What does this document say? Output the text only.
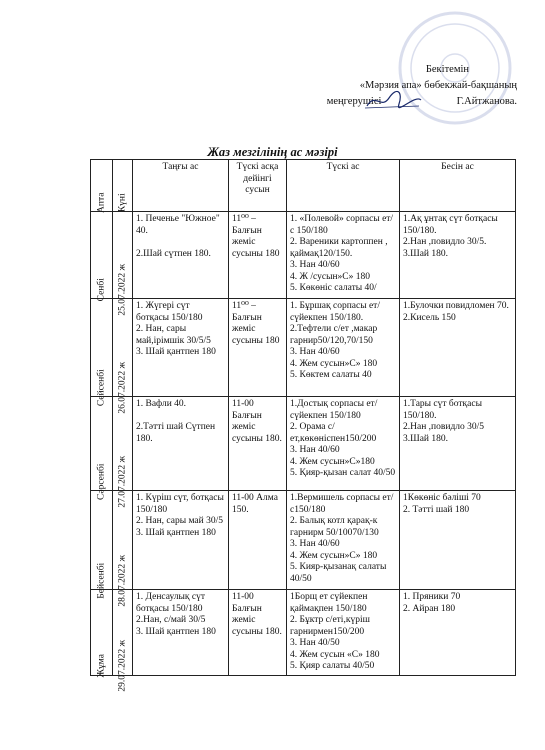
Бекітемін
«Мәрзия апа» бөбекжай-бақшаның
меңгерушісі	Г.Айтжанова.
Жаз мезгілінің ас мәзірі
Апта	Күні	Таңғы ас	Түскі асқа дейінгі сусын	Түскі ас	Бесін ас

Сенбі	25.07.2022 ж	1. Печенье "Южное" 40.

2.Шай сүтпен 180.	11⁰⁰ – Балғын жеміс сусыны 180	1. «Полевой» сорпасы ет/с 150/180
2. Вареники картоппен , қаймақ120/150.
3. Нан 40/60
4. Ж /сусын»С» 180
5. Көкөніс салаты 40/	1.Ақ ұнтақ сүт ботқасы 150/180.
2.Нан ,повидло 30/5.
3.Шай 180.

Сейсенбі	26.07.2022 ж	1. Жүгері сүт ботқасы 150/180
2. Нан, сары май,ірімшік 30/5/5
3. Шай қантпен 180	11⁰⁰ – Балғын жеміс сусыны 180	1. Бұршақ сорпасы ет/сүйекпен 150/180.
2.Тефтели с/ет ,макар гарнир50/120,70/150
3. Нан 40/60
4. Жем сусын»С» 180
5. Көктем салаты 40	1.Булочки повидломен 70.
2.Кисель 150

Сәрсенбі	27.07.2022 ж	1. Вафли 40.

2.Тәтті шай Сүтпен 180.	11-00 Балғын жеміс сусыны 180.	1.Достық сорпасы ет/ сүйекпен 150/180
2. Орама с/ет,көкөніспен150/200
3. Нан 40/60
4. Жем сусын»С»180
5. Қияр-қызан салат 40/50	1.Тары сүт ботқасы 150/180.
2.Нан ,повидло 30/5
3.Шай 180.

Бейсенбі	28.07.2022 ж	1. Күріш сүт, ботқасы 150/180
2. Нан, сары май 30/5
3. Шай қантпен 180	11-00 Алма 150.	1.Вермишель сорпасы ет/с150/180
2. Балық котл қарақ-к гарнирм 50/10070/130
3. Нан 40/60
4. Жем сусын»С» 180
5. Кияр-қызанақ салаты 40/50	1Көкөніс бәліші 70
2. Тәтті шай 180

Жұма	29.07.2022 ж	1. Денсаулық сүт ботқасы 150/180
2.Нан, с/май 30/5
3. Шай қантпен 180	11-00 Балғын жеміс сусыны 180.	1Борщ ет сүйекпен қаймақпен 150/180
2. Бұктр с/еті,күріш гарнирмен150/200
3. Нан 40/50
4. Жем сусын «С» 180
5. Қияр салаты 40/50	1. Пряники 70
2. Айран 180
